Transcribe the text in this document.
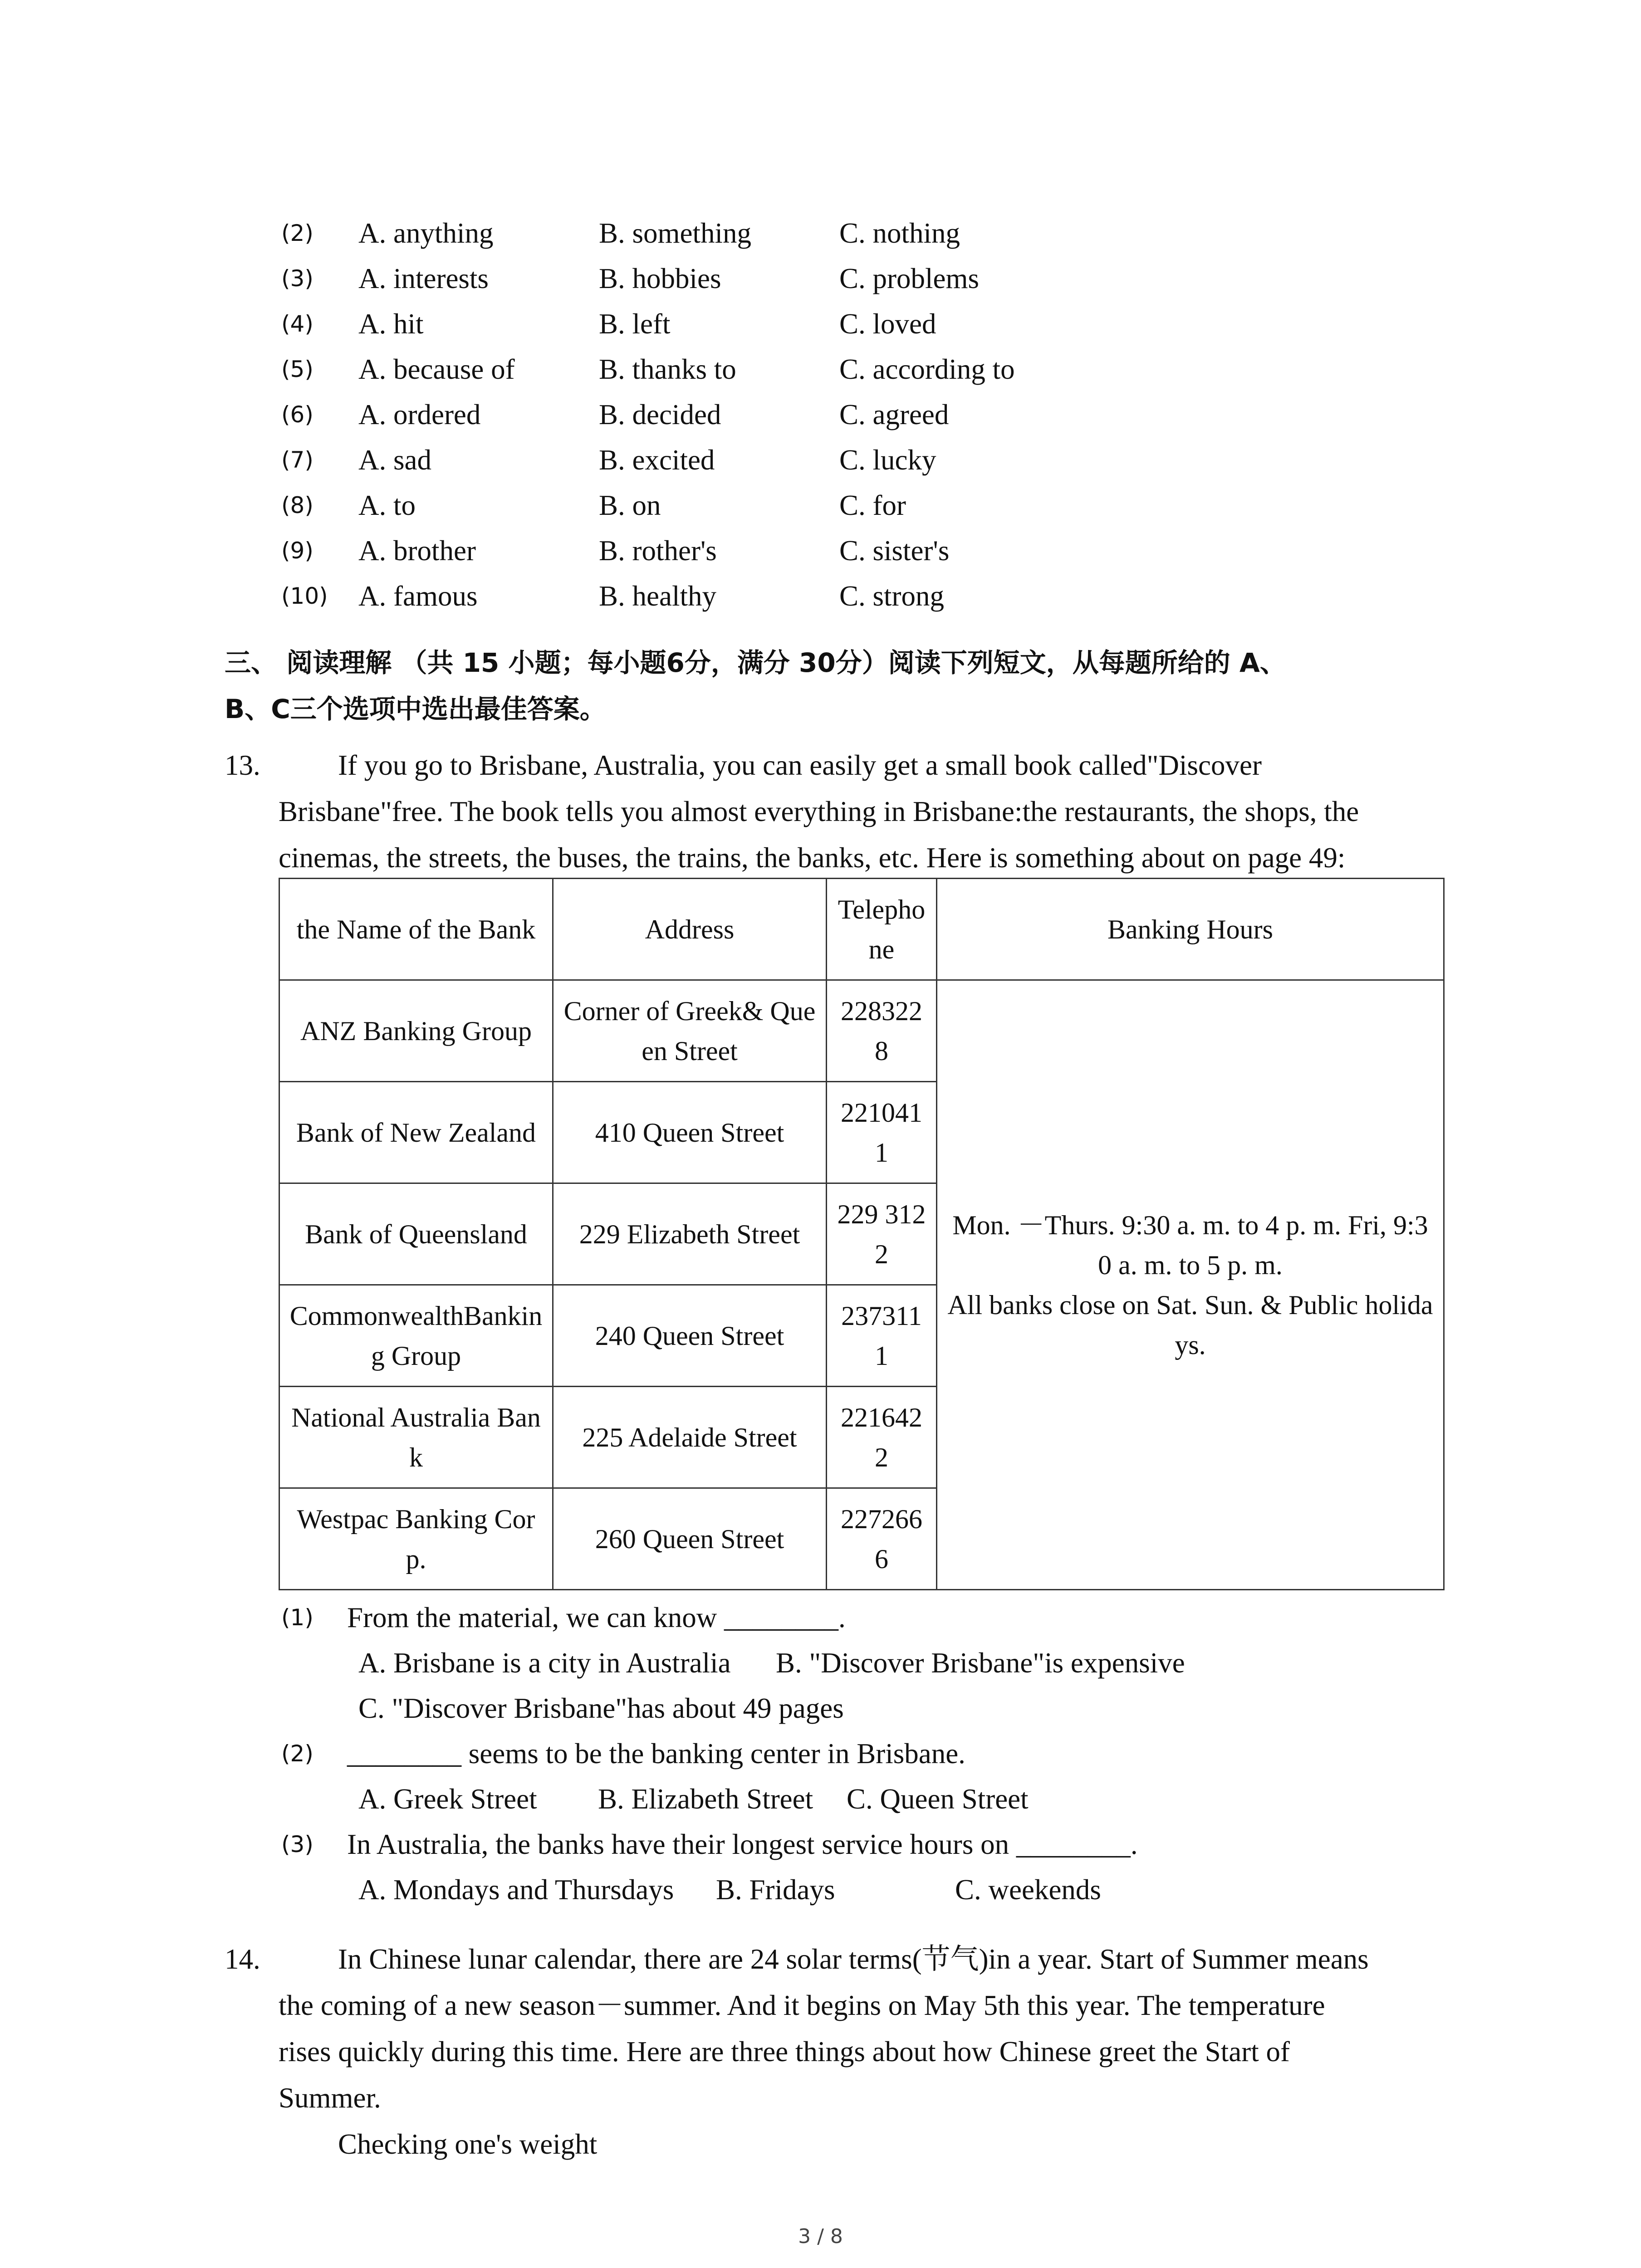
(2) A. anything	B. something	C. nothing
(3) A. interests	B. hobbies	C. problems
(4) A. hit	B. left	C. loved
(5) A. because of	B. thanks to	C. according to
(6) A. ordered	B. decided	C. agreed
(7) A. sad	B. excited	C. lucky
(8) A. to	B. on	C. for
(9) A. brother	B. rother's	C. sister's
(10) A. famous	B. healthy	C. strong
三、 阅读理解 （共 15 小题；每小题6分，满分 30分）阅读下列短文，从每题所给的 A、
B、C三个选项中选出最佳答案。
13.	If you go to Brisbane, Australia, you can easily get a small book called"Discover
Brisbane"free. The book tells you almost everything in Brisbane:the restaurants, the shops, the
cinemas, the streets, the buses, the trains, the banks, etc. Here is something about on page 49:
the Name of the Bank	Address	Telephone	Banking Hours
ANZ Banking Group	Corner of Greek& Queen Street	2283228	Mon. －Thurs. 9:30 a. m. to 4 p. m. Fri, 9:30 a. m. to 5 p. m.
All banks close on Sat. Sun. & Public holidays.

Bank of New Zealand	410 Queen Street	2210411	
Bank of Queensland	229 Elizabeth Street	229 3122	
CommonwealthBanking Group	240 Queen Street	2373111	
National Australia Bank	225 Adelaide Street	2216422	
Westpac Banking Corp.	260 Queen Street	2272666	
(1) From the material, we can know ________.
A. Brisbane is a city in Australia B. "Discover Brisbane"is expensive
C. "Discover Brisbane"has about 49 pages
(2) ________ seems to be the banking center in Brisbane.
A. Greek Street B. Elizabeth Street C. Queen Street
(3) In Australia, the banks have their longest service hours on ________.
A. Mondays and Thursdays B. Fridays	C. weekends
14.	In Chinese lunar calendar, there are 24 solar terms(节气)in a year. Start of Summer means
the coming of a new season－summer. And it begins on May 5th this year. The temperature
rises quickly during this time. Here are three things about how Chinese greet the Start of
Summer.
Checking one's weight
3 / 8
